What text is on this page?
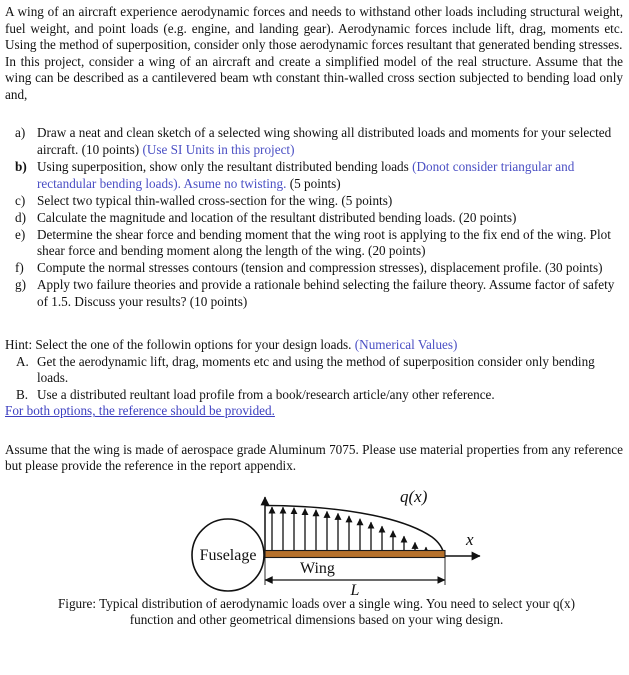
A wing of an aircraft experience aerodynamic forces and needs to withstand other loads including structural weight, fuel weight, and point loads (e.g. engine, and landing gear). Aerodynamic forces include lift, drag, moments etc. Using the method of superposition, consider only those aerodynamic forces resultant that generated bending stresses.

In this project, consider a wing of an aircraft and create a simplified model of the real structure. Assume that the wing can be described as a cantilevered beam wth constant thin-walled cross section subjected to bending load only and,

a) Draw a neat and clean sketch of a selected wing showing all distributed loads and moments for your selected aircraft. (10 points) (Use SI Units in this project)
b) Using superposition, show only the resultant distributed bending loads (Donot consider triangular and rectandular bending loads). Asume no twisting. (5 points)
c) Select two typical thin-walled cross-section for the wing. (5 points)
d) Calculate the magnitude and location of the resultant distributed bending loads. (20 points)
e) Determine the shear force and bending moment that the wing root is applying to the fix end of the wing. Plot shear force and bending moment along the length of the wing. (20 points)
f)	Compute the normal stresses contours (tension and compression stresses), displacement profile. (30 points)
g) Apply two failure theories and provide a rationale behind selecting the failure theory. Assume factor of safety of 1.5. Discuss your results? (10 points)

Hint: Select the one of the followin options for your design loads. (Numerical Values)

A. Get the aerodynamic lift, drag, moments etc and using the method of superposition consider only bending loads.
B. Use a distributed reultant load profile from a book/research article/any other reference.

For both options, the reference should be provided.

Assume that the wing is made of aerospace grade Aluminum 7075. Please use material properties from any reference but please provide the reference in the report appendix.

Fuselage
q(x)
x
Wing
L

Figure: Typical distribution of aerodynamic loads over a single wing. You need to select your q(x) function and other geometrical dimensions based on your wing design.
